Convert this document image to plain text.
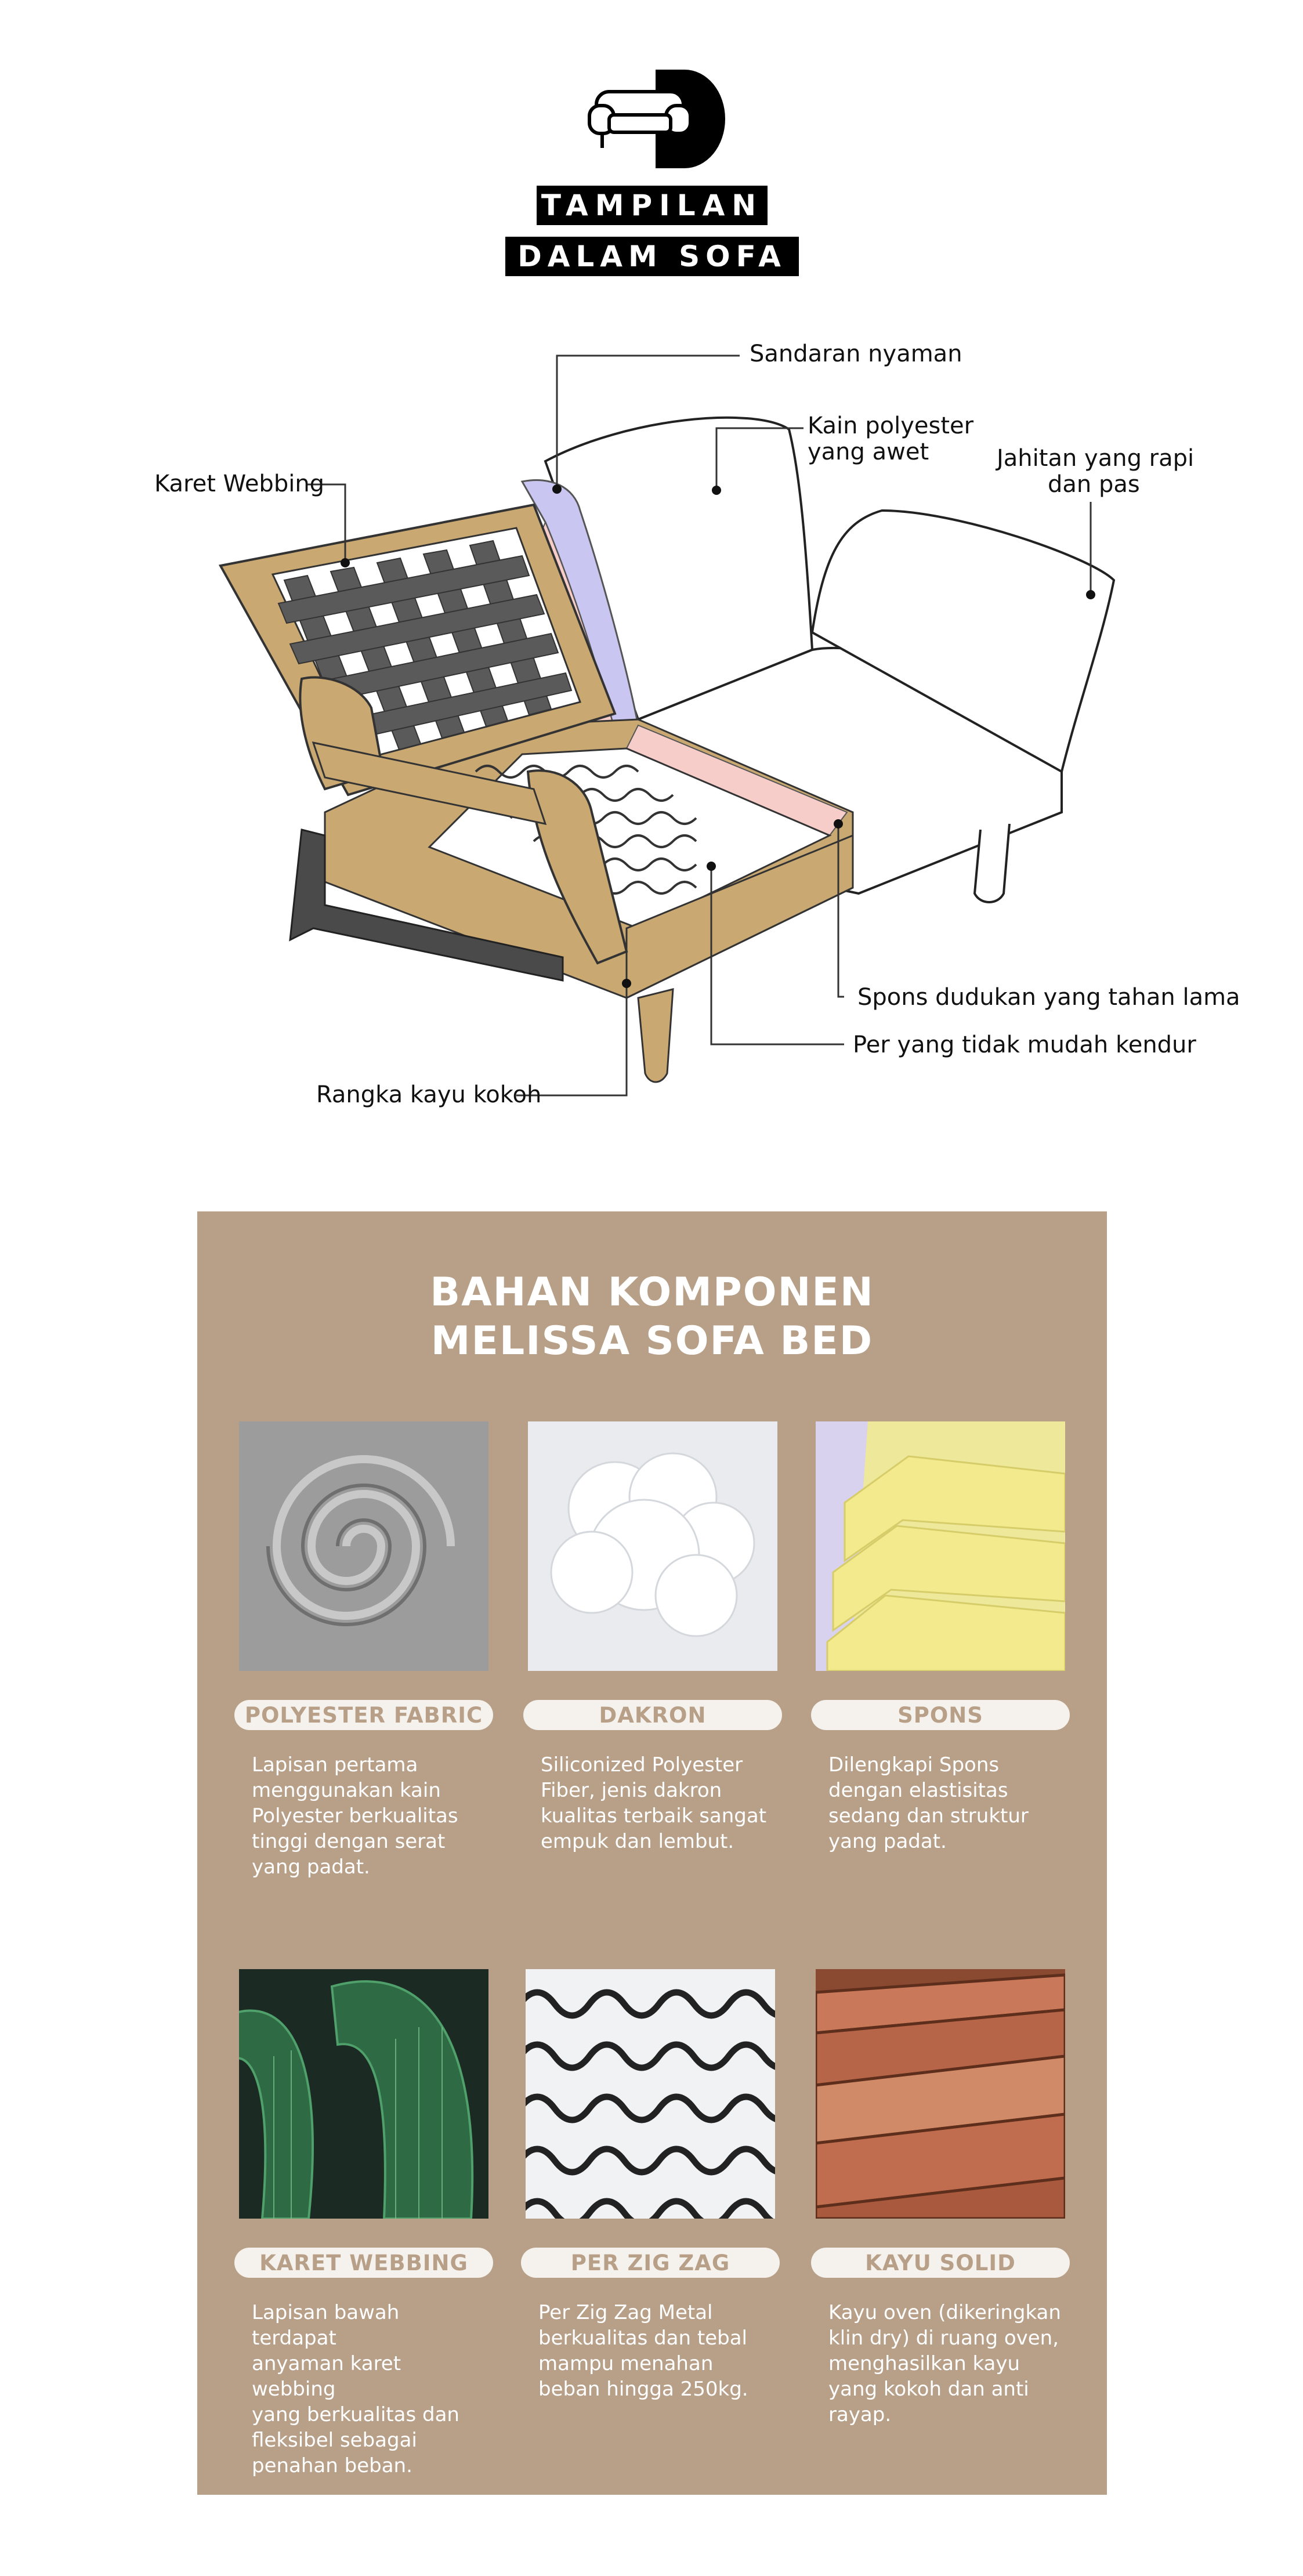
TAMPILAN
DALAM SOFA
Sandaran nyaman
Kain polyester
yang awet	Jahitan yang rapi
dan pas
Karet Webbing
Spons dudukan yang tahan lama
Per yang tidak mudah kendur
Rangka kayu kokoh
BAHAN KOMPONEN
MELISSA SOFA BED
POLYESTER FABRIC
Lapisan pertama
menggunakan kain
Polyester berkualitas
tinggi dengan serat
yang padat.
DAKRON
Siliconized Polyester
Fiber, jenis dakron
kualitas terbaik sangat
empuk dan lembut.
SPONS
Dilengkapi Spons
dengan elastisitas
sedang dan struktur
yang padat.
KARET WEBBING
Lapisan bawah terdapat
anyaman karet webbing
yang berkualitas dan
fleksibel sebagai
penahan beban.
PER ZIG ZAG
Per Zig Zag Metal
berkualitas dan tebal
mampu menahan
beban hingga 250kg.
KAYU SOLID
Kayu oven (dikeringkan
klin dry) di ruang oven,
menghasilkan kayu
yang kokoh dan anti
rayap.
